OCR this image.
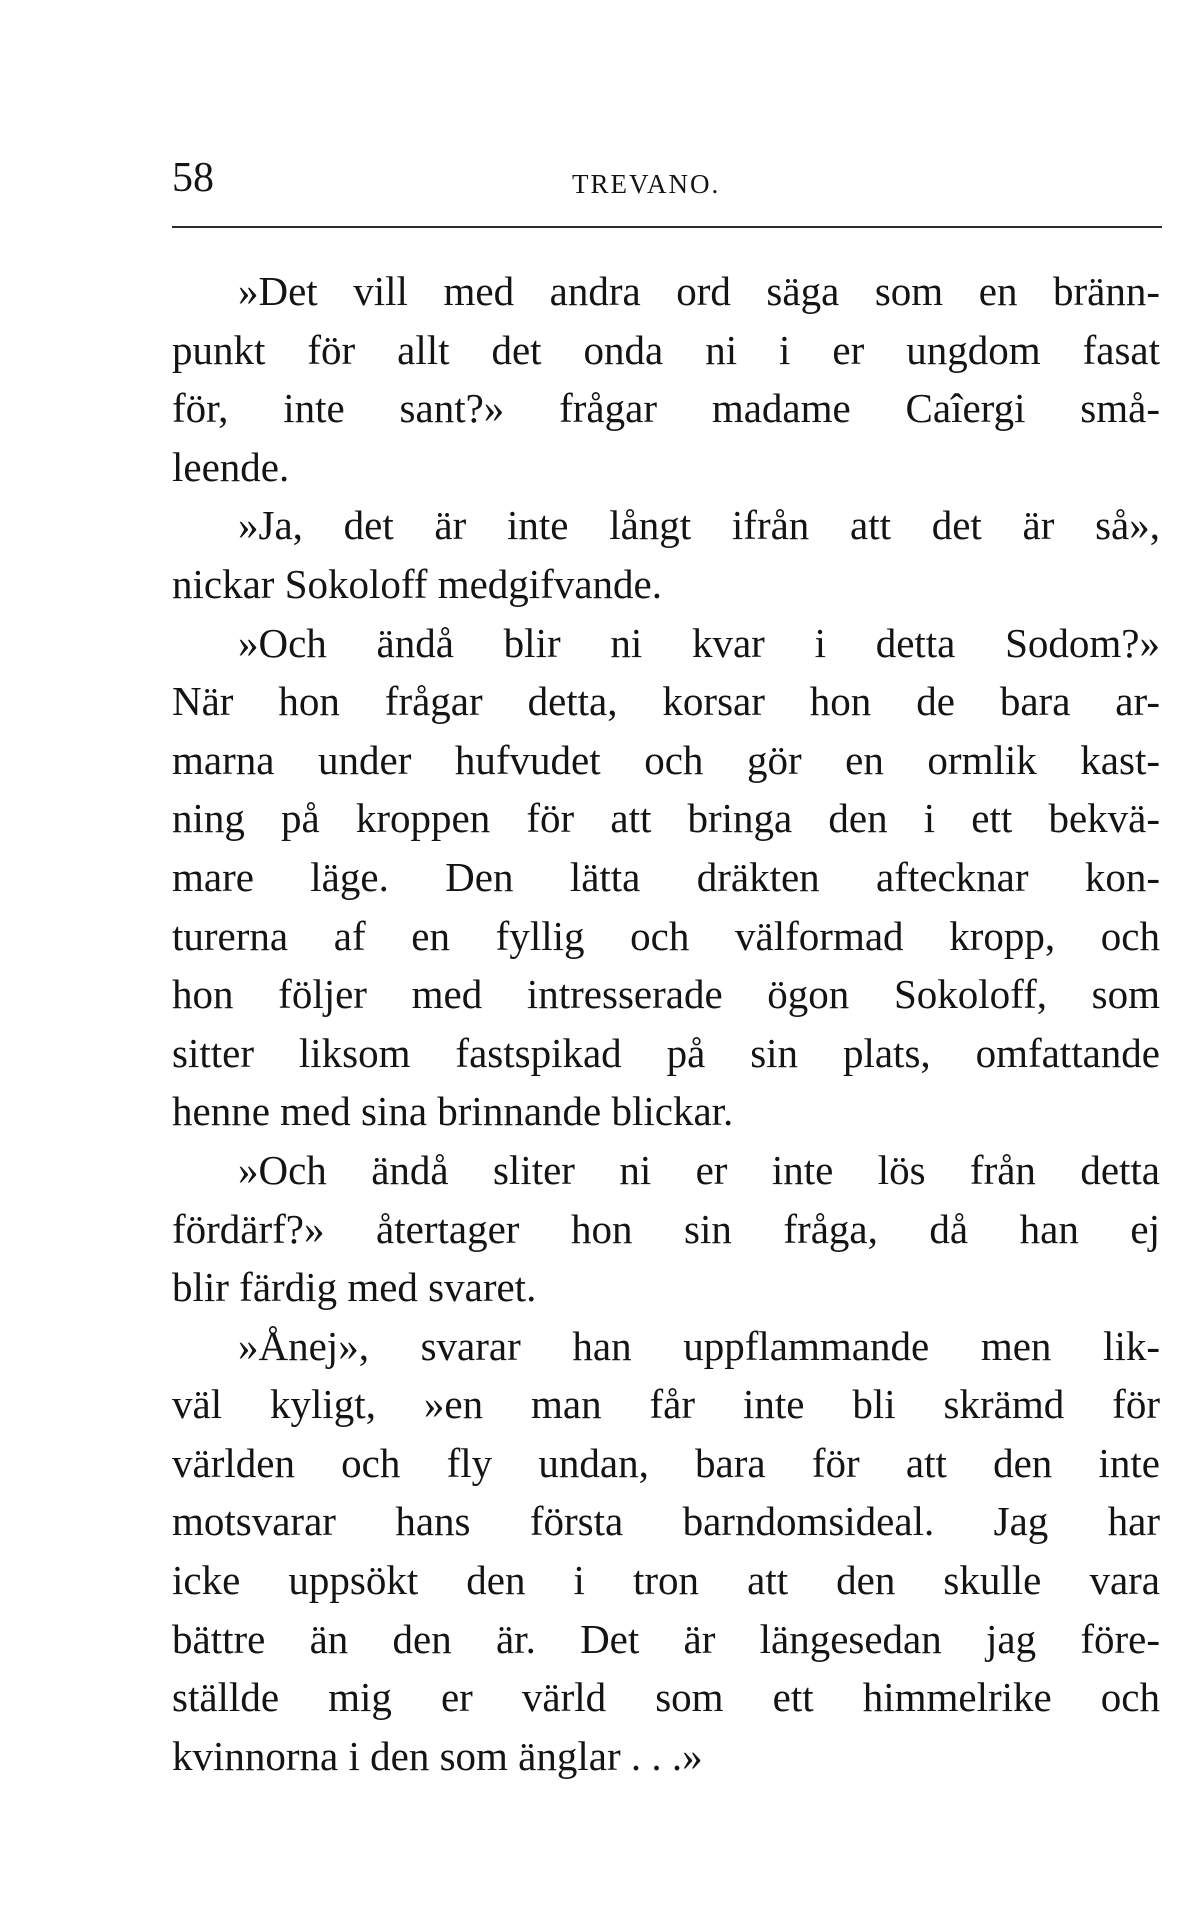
58	TREVANO.
»Det vill med andra ord säga som en bränn-
punkt för allt det onda ni i er ungdom fasat
för, inte sant?» frågar madame Caîergi små-
leende.
»Ja, det är inte långt ifrån att det är så»,
nickar Sokoloff medgifvande.
»Och ändå blir ni kvar i detta Sodom?»
När hon frågar detta, korsar hon de bara ar-
marna under hufvudet och gör en ormlik kast-
ning på kroppen för att bringa den i ett bekvä-
mare läge. Den lätta dräkten aftecknar kon-
turerna af en fyllig och välformad kropp, och
hon följer med intresserade ögon Sokoloff, som
sitter liksom fastspikad på sin plats, omfattande
henne med sina brinnande blickar.
»Och ändå sliter ni er inte lös från detta
fördärf?» återtager hon sin fråga, då han ej
blir färdig med svaret.
»Ånej», svarar han uppflammande men lik-
väl kyligt, »en man får inte bli skrämd för
världen och fly undan, bara för att den inte
motsvarar hans första barndomsideal. Jag har
icke uppsökt den i tron att den skulle vara
bättre än den är. Det är längesedan jag före-
ställde mig er värld som ett himmelrike och
kvinnorna i den som änglar . . .»
